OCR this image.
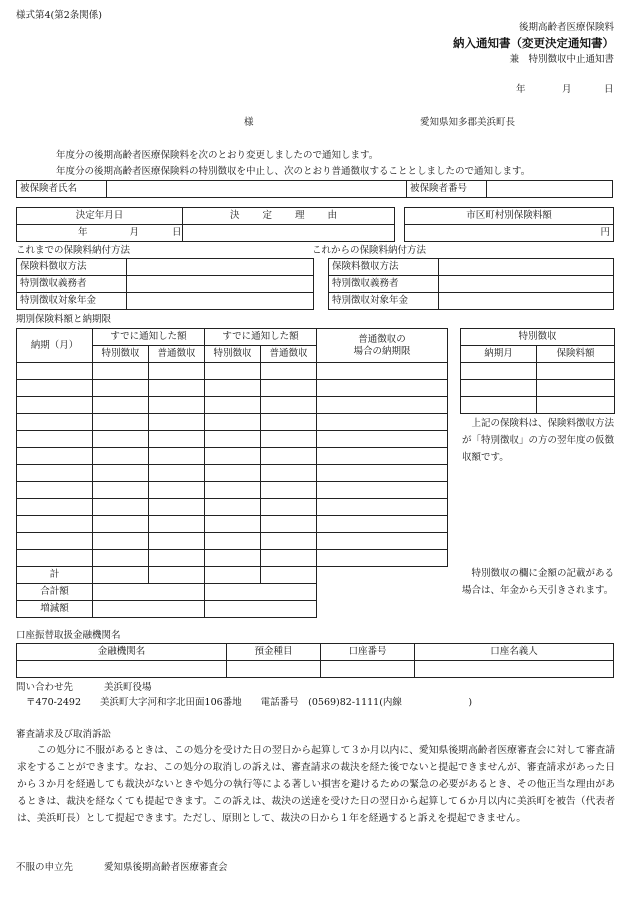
様式第4(第2条関係)
後期高齢者医療保険料
納入通知書（変更決定通知書）
兼　特別徴収中止通知書
年	月	日
様	愛知県知多郡美浜町長
年度分の後期高齢者医療保険料を次のとおり変更しましたので通知します。
年度分の後期高齢者医療保険料の特別徴収を中止し、次のとおり普通徴収することとしましたので通知します。
被保険者氏名		被保険者番号	
決定年月日	決 定 理 由
年 月 日	
市区町村別保険料額
円
これまでの保険料納付方法
保険料徴収方法	
特別徴収義務者	
特別徴収対象年金	
これからの保険料納付方法
保険料徴収方法	
特別徴収義務者	
特別徴収対象年金	
期別保険料額と納期限
納期（月）	すでに通知した額		すでに通知した額		普通徴収の
場合の納期限
	特別徴収	普通徴収	特別徴収	普通徴収	

計					
合計額					
増減額					
特別徴収	
納期月	保険料額

上記の保険料は、保険料徴収方法が「特別徴収」の方の翌年度の仮徴収額です。
特別徴収の欄に金額の記載がある場合は、年金から天引きされます。
口座振替取扱金融機関名
金融機関名	預金種目	口座番号	口座名義人

問い合わせ先	美浜町役場
〒470-2492　　美浜町大字河和字北田面106番地　　電話番号　(0569)82-1111(内線　　　　　　　)
審査請求及び取消訴訟
この処分に不服があるときは、この処分を受けた日の翌日から起算して３か月以内に、愛知県後期高齢者医療審査会に対して審査請求をすることができます。なお、この処分の取消しの訴えは、審査請求の裁決を経た後でないと提起できませんが、審査請求があった日から３か月を経過しても裁決がないときや処分の執行等による著しい損害を避けるための緊急の必要があるとき、その他正当な理由があるときは、裁決を経なくても提起できます。この訴えは、裁決の送達を受けた日の翌日から起算して６か月以内に美浜町を被告（代表者は、美浜町長）として提起できます。ただし、原則として、裁決の日から１年を経過すると訴えを提起できません。
不服の申立先	愛知県後期高齢者医療審査会
